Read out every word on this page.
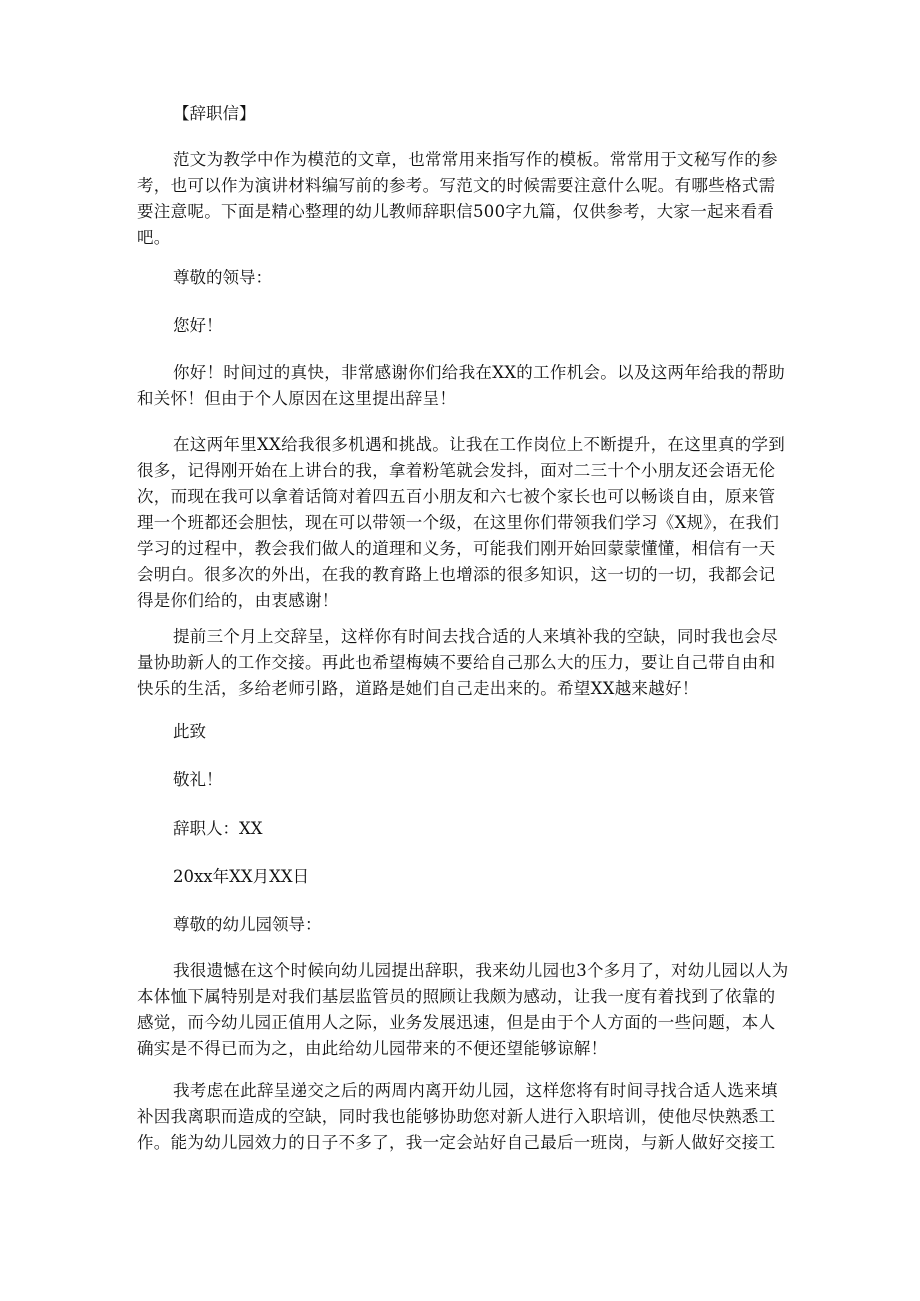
【辞职信】

范文为教学中作为模范的文章，也常常用来指写作的模板。常常用于文秘写作的参考，也可以作为演讲材料编写前的参考。写范文的时候需要注意什么呢。有哪些格式需要注意呢。下面是精心整理的幼儿教师辞职信500字九篇，仅供参考，大家一起来看看吧。

尊敬的领导：

您好！

你好！时间过的真快，非常感谢你们给我在XX的工作机会。以及这两年给我的帮助和关怀！但由于个人原因在这里提出辞呈！

在这两年里XX给我很多机遇和挑战。让我在工作岗位上不断提升，在这里真的学到很多，记得刚开始在上讲台的我，拿着粉笔就会发抖，面对二三十个小朋友还会语无伦次，而现在我可以拿着话筒对着四五百小朋友和六七被个家长也可以畅谈自由，原来管理一个班都还会胆怯，现在可以带领一个级，在这里你们带领我们学习《X规》，在我们学习的过程中，教会我们做人的道理和义务，可能我们刚开始回蒙蒙懂懂，相信有一天会明白。很多次的外出，在我的教育路上也增添的很多知识，这一切的一切，我都会记得是你们给的，由衷感谢！

提前三个月上交辞呈，这样你有时间去找合适的人来填补我的空缺，同时我也会尽量协助新人的工作交接。再此也希望梅姨不要给自己那么大的压力，要让自己带自由和快乐的生活，多给老师引路，道路是她们自己走出来的。希望XX越来越好！

此致

敬礼！

辞职人：XX

20xx年XX月XX日

尊敬的幼儿园领导：

我很遗憾在这个时候向幼儿园提出辞职，我来幼儿园也3个多月了，对幼儿园以人为本体恤下属特别是对我们基层监管员的照顾让我颇为感动，让我一度有着找到了依靠的感觉，而今幼儿园正值用人之际，业务发展迅速，但是由于个人方面的一些问题，本人确实是不得已而为之，由此给幼儿园带来的不便还望能够谅解！

我考虑在此辞呈递交之后的两周内离开幼儿园，这样您将有时间寻找合适人选来填补因我离职而造成的空缺，同时我也能够协助您对新人进行入职培训，使他尽快熟悉工作。能为幼儿园效力的日子不多了，我一定会站好自己最后一班岗，与新人做好交接工
